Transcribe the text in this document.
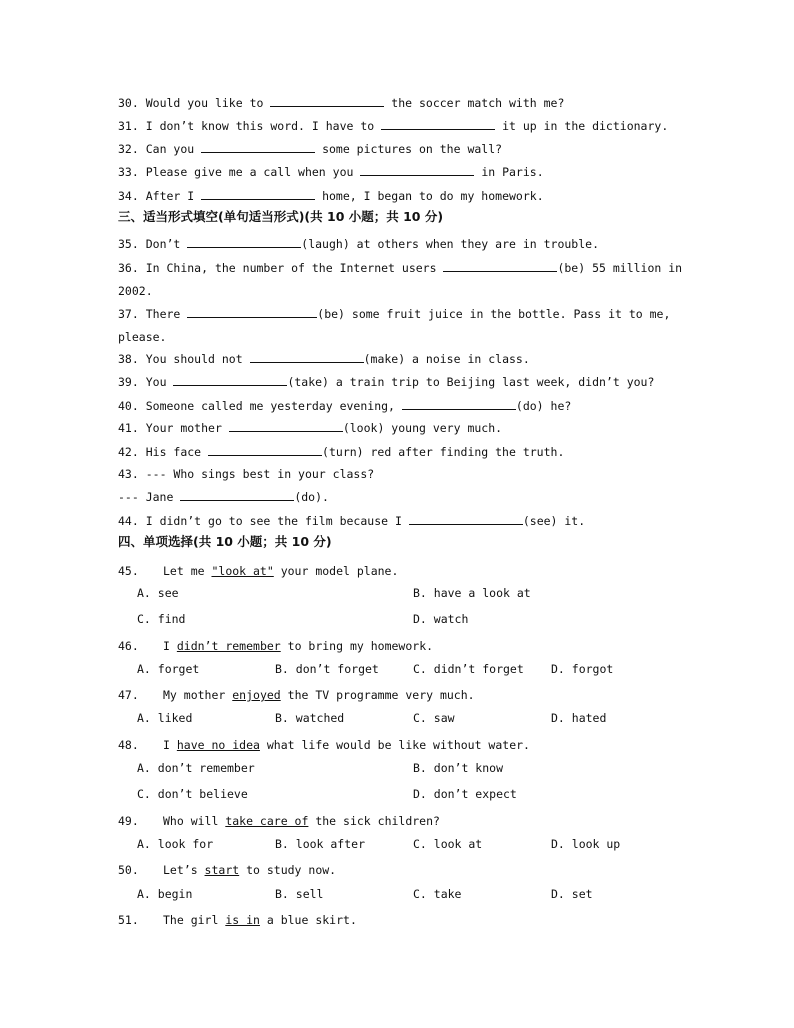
30. Would you like to	the soccer match with me?
31. I don’t know this word. I have to	it up in the dictionary.
32. Can you	some pictures on the wall?
33. Please give me a call when you	in Paris.
34. After I	home, I began to do my homework.
三、适当形式填空(单句适当形式)(共 10 小题；共 10 分)
35. Don’t	(laugh) at others when they are in trouble.
36. In China, the number of the Internet users	(be) 55 million in
2002.
37. There	(be) some fruit juice in the bottle. Pass it to me,
please.
38. You should not	(make) a noise in class.
39. You	(take) a train trip to Beijing last week, didn’t you?
40. Someone called me yesterday evening,	(do) he?
41. Your mother	(look) young very much.
42. His face	(turn) red after finding the truth.
43. --- Who sings best in your class?
--- Jane	(do).
44. I didn’t go to see the film because I	(see) it.
四、单项选择(共 10 小题；共 10 分)
45. Let me "look at" your model plane.
A. see	B. have a look at
C. find	D. watch
46. I didn’t remember to bring my homework.
A. forget	B. don’t forget	C. didn’t forget D. forgot
47. My mother enjoyed the TV programme very much.
A. liked	B. watched	C. saw	D. hated
48. I have no idea what life would be like without water.
A. don’t remember	B. don’t know
C. don’t believe	D. don’t expect
49. Who will take care of the sick children?
A. look for	B. look after	C. look at	D. look up
50. Let’s start to study now.
A. begin	B. sell	C. take	D. set
51. The girl is in a blue skirt.
